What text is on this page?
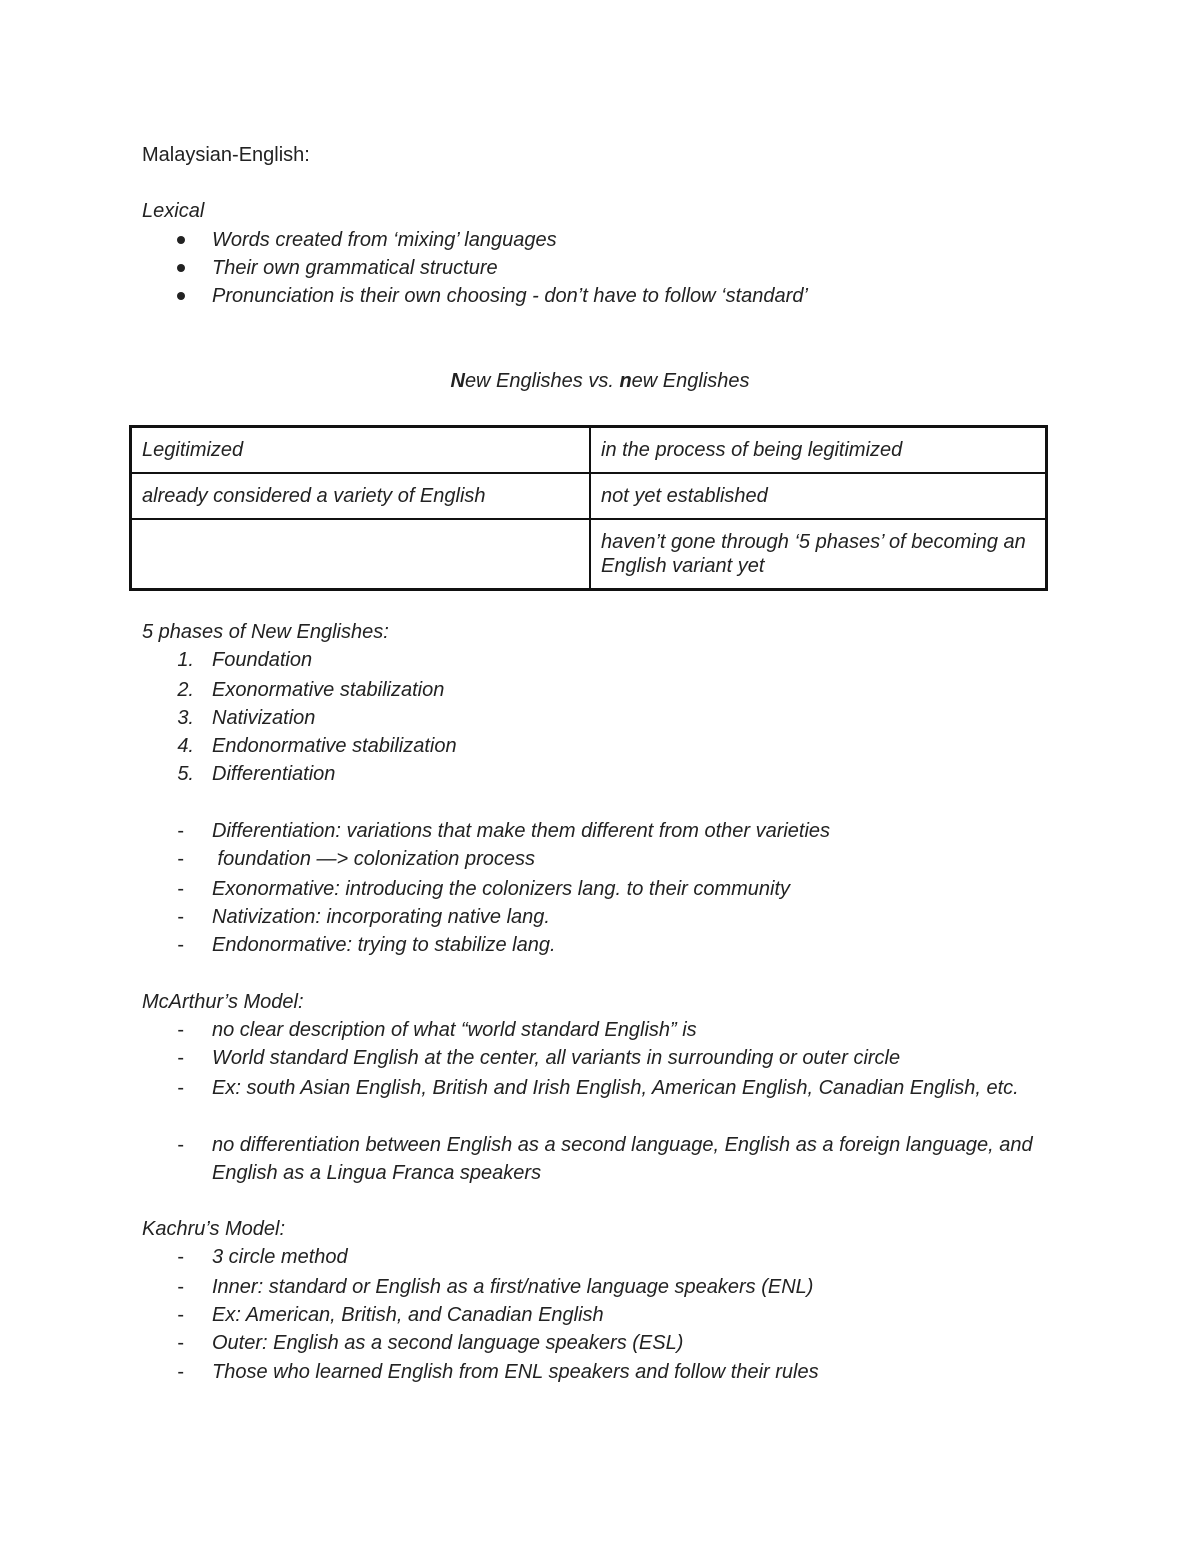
Malaysian-English:
Lexical
Words created from ‘mixing’ languages
Their own grammatical structure
Pronunciation is their own choosing - don’t have to follow ‘standard’
New Englishes vs. new Englishes
Legitimized	in the process of being legitimized
already considered a variety of English	not yet established
	haven’t gone through ‘5 phases’ of becoming an English variant yet
5 phases of New Englishes:
1. Foundation
2. Exonormative stabilization
3. Nativization
4. Endonormative stabilization
5. Differentiation
- Differentiation: variations that make them different from other varieties
- foundation —> colonization process
- Exonormative: introducing the colonizers lang. to their community
- Nativization: incorporating native lang.
- Endonormative: trying to stabilize lang.
McArthur’s Model:
- no clear description of what “world standard English” is
- World standard English at the center, all variants in surrounding or outer circle
- Ex: south Asian English, British and Irish English, American English, Canadian English, etc.
- no differentiation between English as a second language, English as a foreign language, and English as a Lingua Franca speakers
Kachru’s Model:
- 3 circle method
- Inner: standard or English as a first/native language speakers (ENL)
- Ex: American, British, and Canadian English
- Outer: English as a second language speakers (ESL)
- Those who learned English from ENL speakers and follow their rules
